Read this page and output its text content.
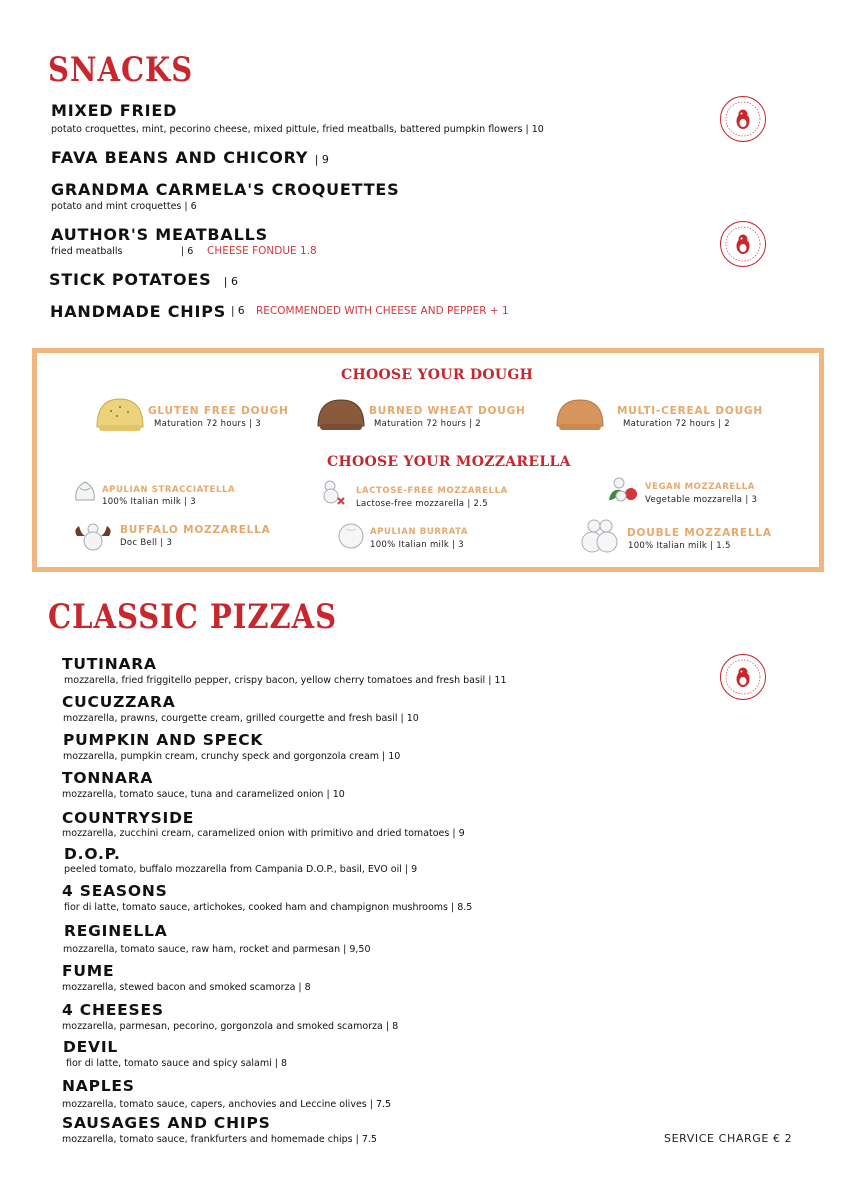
SNACKS
MIXED FRIED
potato croquettes, mint, pecorino cheese, mixed pittule, fried meatballs, battered pumpkin flowers | 10
FAVA BEANS AND CHICORY | 9
GRANDMA CARMELA'S CROQUETTES
potato and mint croquettes | 6
AUTHOR'S MEATBALLS
fried meatballs	| 6 CHEESE FONDUE 1.8
STICK POTATOES | 6
HANDMADE CHIPS | 6 RECOMMENDED WITH CHEESE AND PEPPER + 1
CHOOSE YOUR DOUGH
GLUTEN FREE DOUGH
Maturation 72 hours | 3
BURNED WHEAT DOUGH
Maturation 72 hours | 2
MULTI-CEREAL DOUGH
Maturation 72 hours | 2
CHOOSE YOUR MOZZARELLA
APULIAN STRACCIATELLA
100% Italian milk | 3
LACTOSE-FREE MOZZARELLA
Lactose-free mozzarella | 2.5
VEGAN MOZZARELLA
Vegetable mozzarella | 3
BUFFALO MOZZARELLA
Doc Bell | 3
APULIAN BURRATA
100% Italian milk | 3
DOUBLE MOZZARELLA
100% Italian milk | 1.5
CLASSIC PIZZAS
TUTINARA
mozzarella, fried friggitello pepper, crispy bacon, yellow cherry tomatoes and fresh basil | 11
CUCUZZARA
mozzarella, prawns, courgette cream, grilled courgette and fresh basil | 10
PUMPKIN AND SPECK
mozzarella, pumpkin cream, crunchy speck and gorgonzola cream | 10
TONNARA
mozzarella, tomato sauce, tuna and caramelized onion | 10
COUNTRYSIDE
mozzarella, zucchini cream, caramelized onion with primitivo and dried tomatoes | 9
D.O.P.
peeled tomato, buffalo mozzarella from Campania D.O.P., basil, EVO oil | 9
4 SEASONS
fior di latte, tomato sauce, artichokes, cooked ham and champignon mushrooms | 8.5
REGINELLA
mozzarella, tomato sauce, raw ham, rocket and parmesan | 9,50
FUME
mozzarella, stewed bacon and smoked scamorza | 8
4 CHEESES
mozzarella, parmesan, pecorino, gorgonzola and smoked scamorza | 8
DEVIL
fior di latte, tomato sauce and spicy salami | 8
NAPLES
mozzarella, tomato sauce, capers, anchovies and Leccine olives | 7.5
SAUSAGES AND CHIPS
mozzarella, tomato sauce, frankfurters and homemade chips | 7.5	SERVICE CHARGE € 2
